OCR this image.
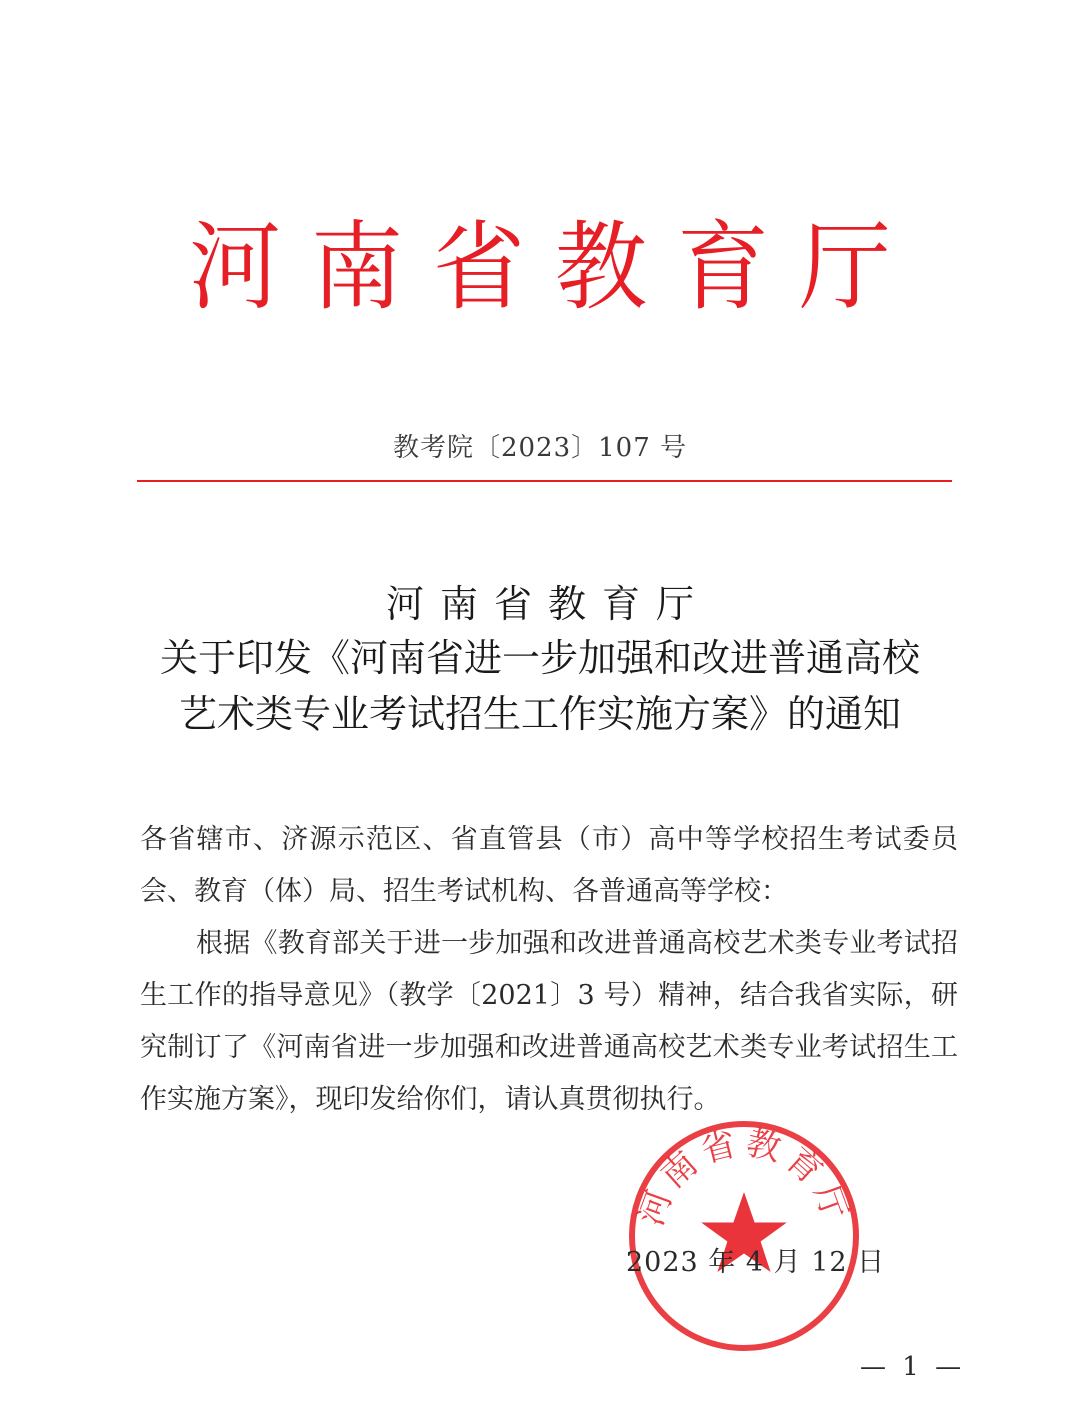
河南省教育厅
教考院〔2023〕107 号
河南省教育厅
关于印发《河南省进一步加强和改进普通高校
艺术类专业考试招生工作实施方案》的通知

各省辖市、济源示范区、省直管县（市）高中等学校招生考试委员会、教育（体）局、招生考试机构、各普通高等学校：

根据《教育部关于进一步加强和改进普通高校艺术类专业考试招生工作的指导意见》（教学〔2021〕3 号）精神，结合我省实际，研究制订了《河南省进一步加强和改进普通高校艺术类专业考试招生工作实施方案》，现印发给你们，请认真贯彻执行。

河南省教育厅
2023 年 4 月 12 日
— 1 —
